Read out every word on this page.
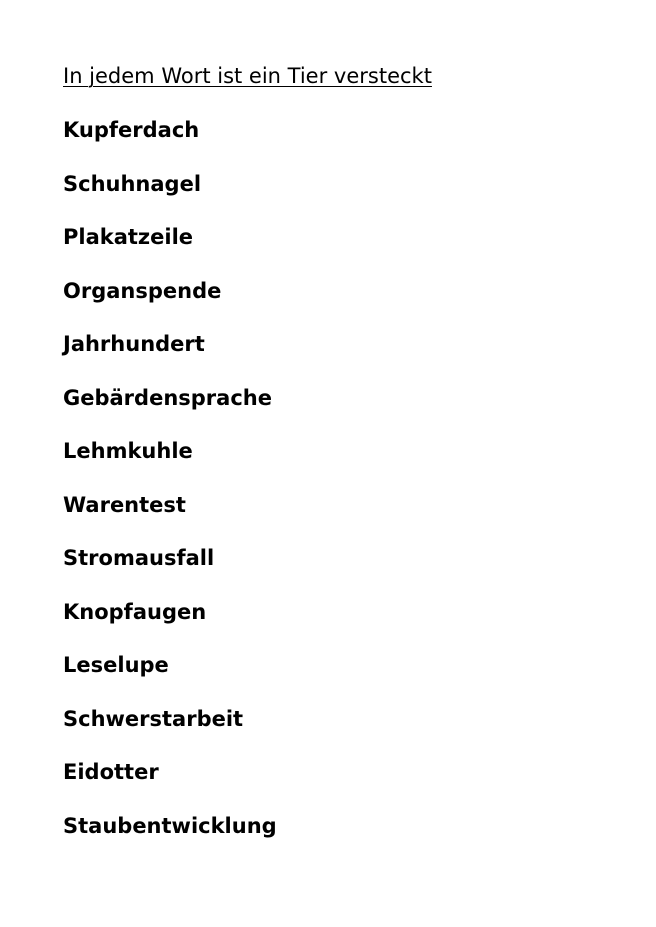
In jedem Wort ist ein Tier versteckt
Kupferdach
Schuhnagel
Plakatzeile
Organspende
Jahrhundert
Gebärdensprache
Lehmkuhle
Warentest
Stromausfall
Knopfaugen
Leselupe
Schwerstarbeit
Eidotter
Staubentwicklung
